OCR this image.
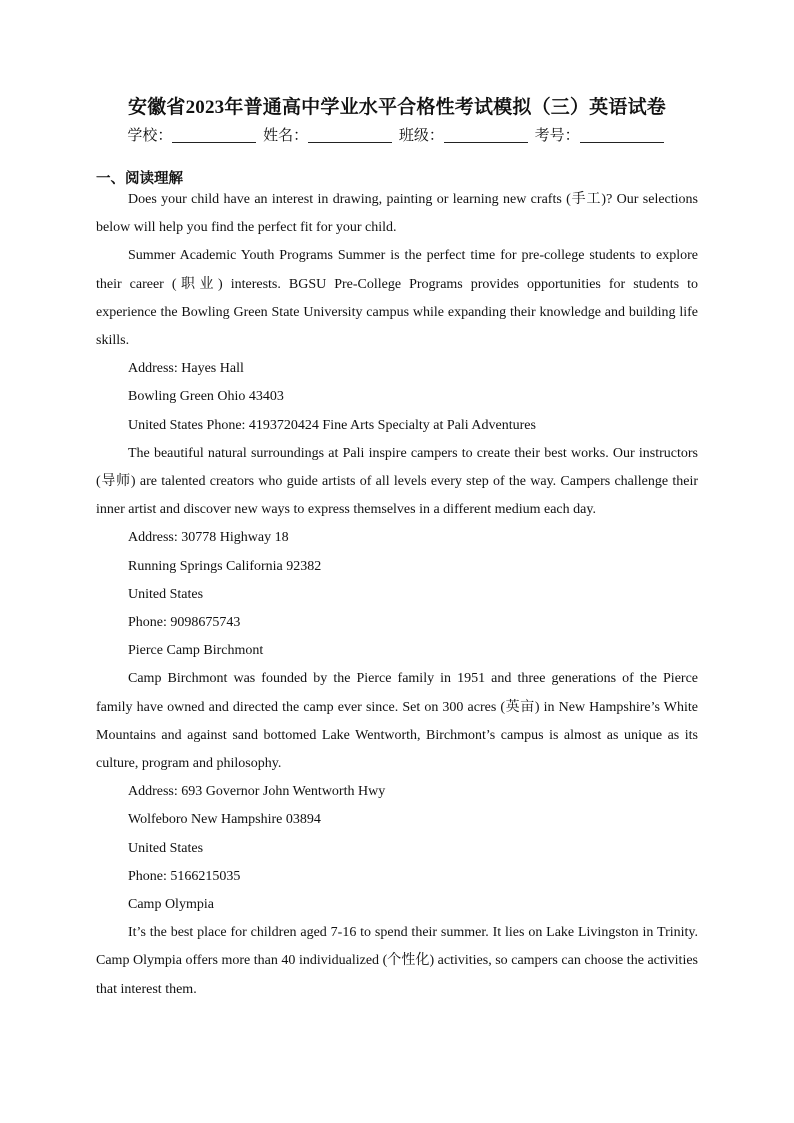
安徽省2023年普通高中学业水平合格性考试模拟（三）英语试卷
学校：	姓名：	班级：	考号：
一、阅读理解

Does your child have an interest in drawing, painting or learning new crafts (手工)? Our selections below will help you find the perfect fit for your child.

Summer Academic Youth Programs Summer is the perfect time for pre-college students to explore their career (职业) interests. BGSU Pre-College Programs provides opportunities for students to experience the Bowling Green State University campus while expanding their knowledge and building life skills.

Address: Hayes Hall

Bowling Green Ohio 43403

United States Phone: 4193720424 Fine Arts Specialty at Pali Adventures

The beautiful natural surroundings at Pali inspire campers to create their best works. Our instructors (导师) are talented creators who guide artists of all levels every step of the way. Campers challenge their inner artist and discover new ways to express themselves in a different medium each day.

Address: 30778 Highway 18

Running Springs California 92382

United States

Phone: 9098675743

Pierce Camp Birchmont

Camp Birchmont was founded by the Pierce family in 1951 and three generations of the Pierce family have owned and directed the camp ever since. Set on 300 acres (英亩) in New Hampshire’s White Mountains and against sand bottomed Lake Wentworth, Birchmont’s campus is almost as unique as its culture, program and philosophy.

Address: 693 Governor John Wentworth Hwy

Wolfeboro New Hampshire 03894

United States

Phone: 5166215035

Camp Olympia

It’s the best place for children aged 7-16 to spend their summer. It lies on Lake Livingston in Trinity. Camp Olympia offers more than 40 individualized (个性化) activities, so campers can choose the activities that interest them.
